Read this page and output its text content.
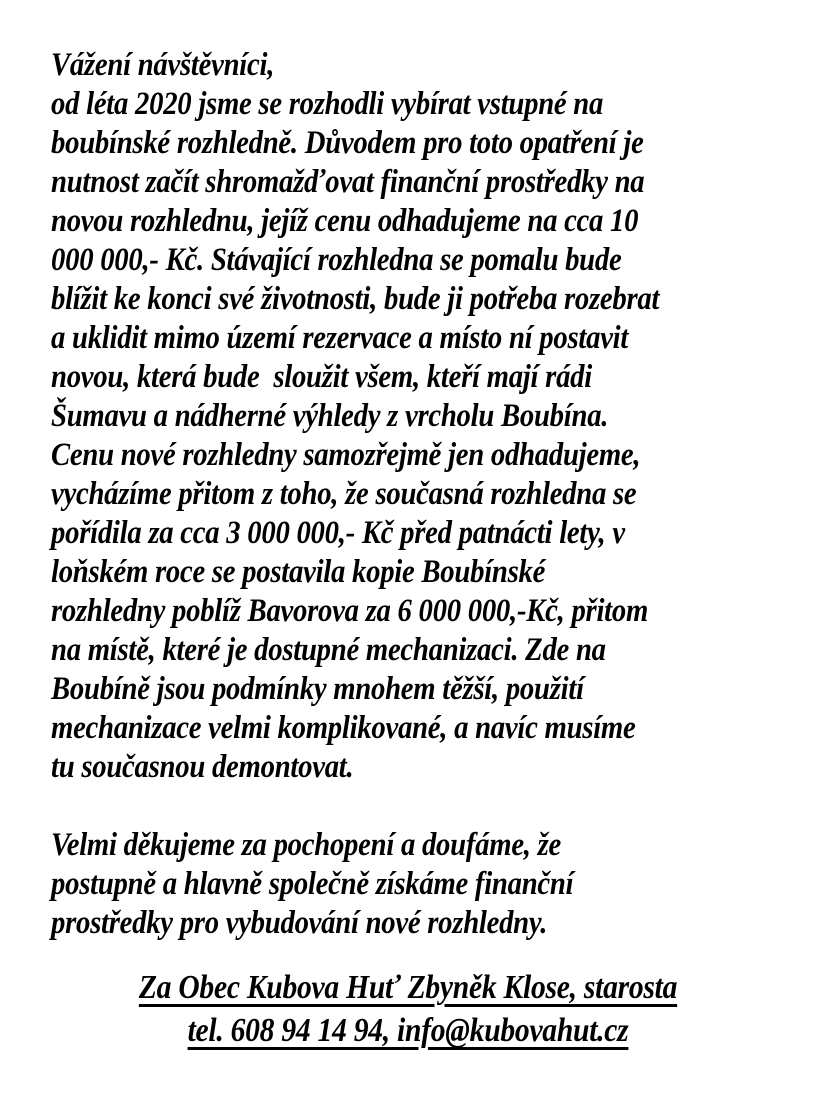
Vážení návštěvníci,
od léta 2020 jsme se rozhodli vybírat vstupné na
boubínské rozhledně. Důvodem pro toto opatření je
nutnost začít shromažďovat finanční prostředky na
novou rozhlednu, jejíž cenu odhadujeme na cca 10
000 000,- Kč. Stávající rozhledna se pomalu bude
blížit ke konci své životnosti, bude ji potřeba rozebrat
a uklidit mimo území rezervace a místo ní postavit
novou, která bude  sloužit všem, kteří mají rádi
Šumavu a nádherné výhledy z vrcholu Boubína.
Cenu nové rozhledny samozřejmě jen odhadujeme,
vycházíme přitom z toho, že současná rozhledna se
pořídila za cca 3 000 000,- Kč před patnácti lety, v
loňském roce se postavila kopie Boubínské
rozhledny poblíž Bavorova za 6 000 000,-Kč, přitom
na místě, které je dostupné mechanizaci. Zde na
Boubíně jsou podmínky mnohem těžší, použití
mechanizace velmi komplikované, a navíc musíme
tu současnou demontovat.
Velmi děkujeme za pochopení a doufáme, že
postupně a hlavně společně získáme finanční
prostředky pro vybudování nové rozhledny.
Za Obec Kubova Huť Zbyněk Klose, starosta
tel. 608 94 14 94, info@kubovahut.cz
